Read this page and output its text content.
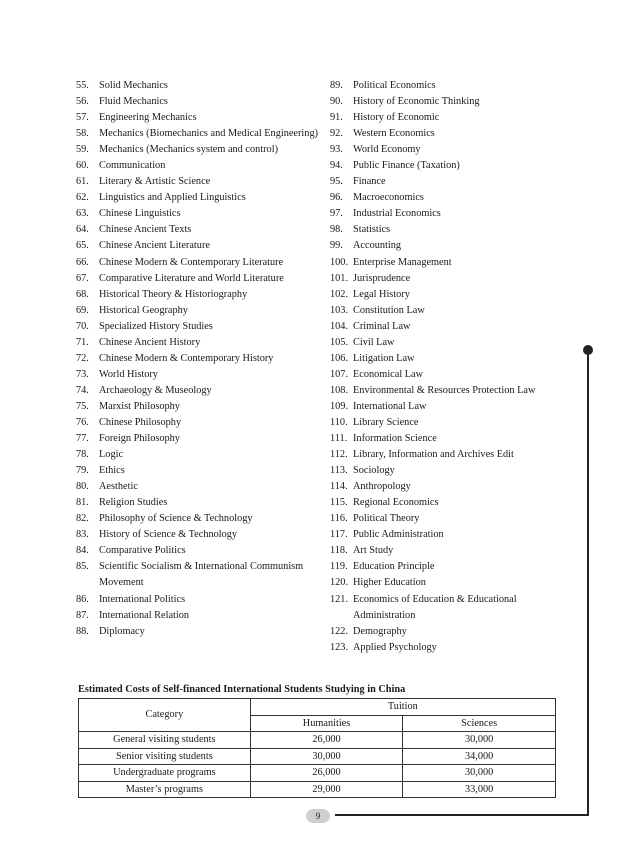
55. Solid Mechanics
56. Fluid Mechanics
57. Engineering Mechanics
58. Mechanics (Biomechanics and Medical Engineering)
59. Mechanics (Mechanics system and control)
60. Communication
61. Literary & Artistic Science
62. Linguistics and Applied Linguistics
63. Chinese Linguistics
64. Chinese Ancient Texts
65. Chinese Ancient Literature
66. Chinese Modern & Contemporary Literature
67. Comparative Literature and World Literature
68. Historical Theory & Historiography
69. Historical Geography
70. Specialized History Studies
71. Chinese Ancient History
72. Chinese Modern & Contemporary History
73. World History
74. Archaeology & Museology
75. Marxist Philosophy
76. Chinese Philosophy
77. Foreign Philosophy
78. Logic
79. Ethics
80. Aesthetic
81. Religion Studies
82. Philosophy of Science & Technology
83. History of Science & Technology
84. Comparative Politics
85. Scientific Socialism & International Communism Movement
86. International Politics
87. International Relation
88. Diplomacy
89. Political Economics
90. History of Economic Thinking
91. History of Economic
92. Western Economics
93. World Economy
94. Public Finance (Taxation)
95. Finance
96. Macroeconomics
97. Industrial Economics
98. Statistics
99. Accounting
100. Enterprise Management
101. Jurisprudence
102. Legal History
103. Constitution Law
104. Criminal Law
105. Civil Law
106. Litigation Law
107. Economical Law
108. Environmental & Resources Protection Law
109. International Law
110. Library Science
111. Information Science
112. Library, Information and Archives Edit
113. Sociology
114. Anthropology
115. Regional Economics
116. Political Theory
117. Public Administration
118. Art Study
119. Education Principle
120. Higher Education
121. Economics of Education & Educational Administration
122. Demography
123. Applied Psychology
Estimated Costs of Self-financed International Students Studying in China
Category	Tuition	
	Humanities	Sciences
General visiting students	26,000	30,000
Senior visiting students	30,000	34,000
Undergraduate programs	26,000	30,000
Master’s programs	29,000	33,000
9
